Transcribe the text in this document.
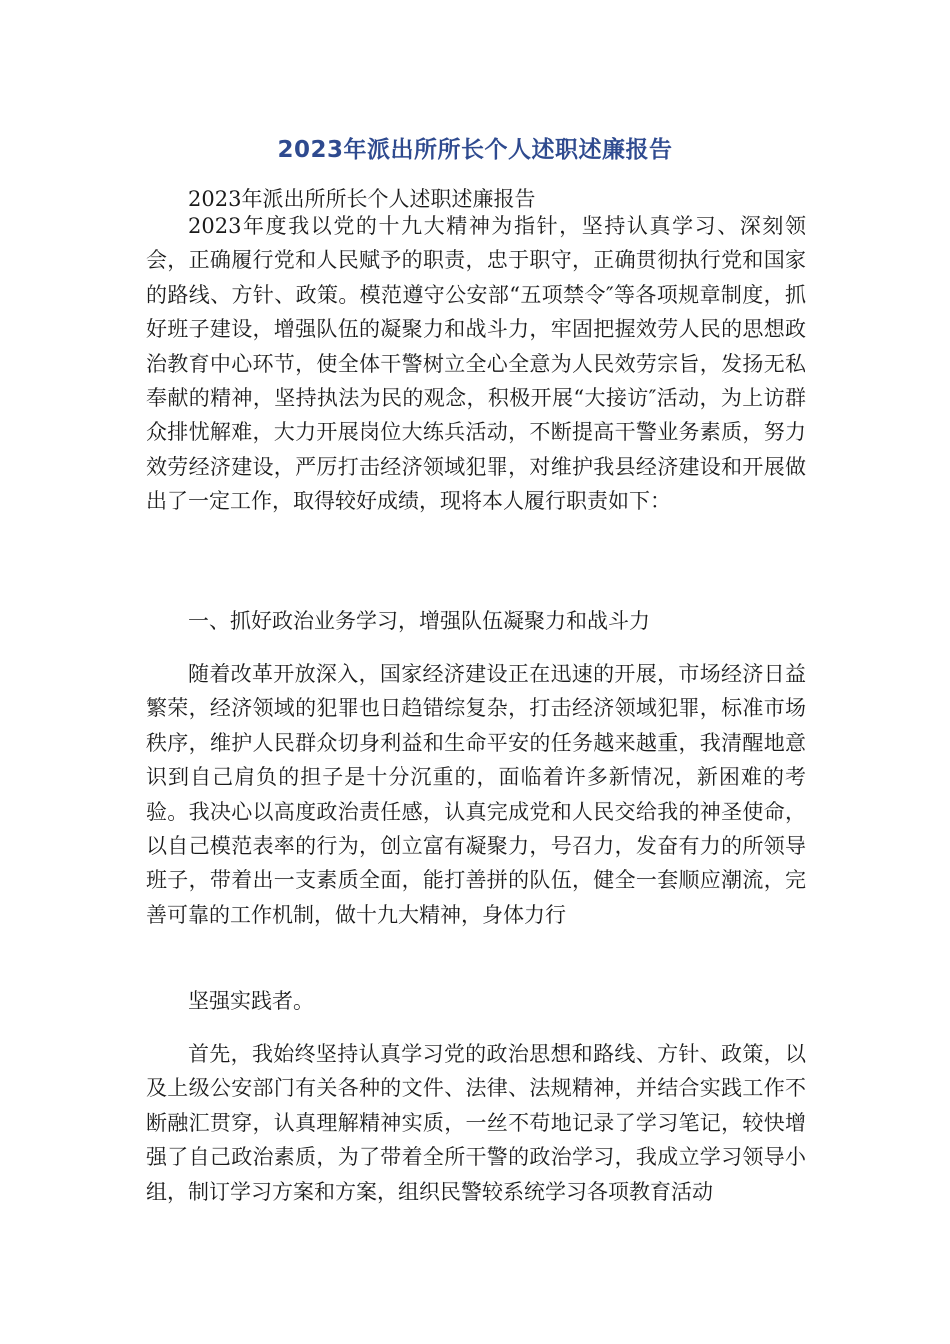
2023年派出所所长个人述职述廉报告

2023年派出所所长个人述职述廉报告

2023年度我以党的十九大精神为指针，坚持认真学习、深刻领会，正确履行党和人民赋予的职责，忠于职守，正确贯彻执行党和国家的路线、方针、政策。模范遵守公安部“五项禁令″等各项规章制度，抓好班子建设，增强队伍的凝聚力和战斗力，牢固把握效劳人民的思想政治教育中心环节，使全体干警树立全心全意为人民效劳宗旨，发扬无私奉献的精神，坚持执法为民的观念，积极开展“大接访″活动，为上访群众排忧解难，大力开展岗位大练兵活动，不断提高干警业务素质，努力效劳经济建设，严厉打击经济领域犯罪，对维护我县经济建设和开展做出了一定工作，取得较好成绩，现将本人履行职责如下：

一、抓好政治业务学习，增强队伍凝聚力和战斗力

随着改革开放深入，国家经济建设正在迅速的开展，市场经济日益繁荣，经济领域的犯罪也日趋错综复杂，打击经济领域犯罪，标准市场秩序，维护人民群众切身利益和生命平安的任务越来越重，我清醒地意识到自己肩负的担子是十分沉重的，面临着许多新情况，新困难的考验。我决心以高度政治责任感，认真完成党和人民交给我的神圣使命，以自己模范表率的行为，创立富有凝聚力，号召力，发奋有力的所领导班子，带着出一支素质全面，能打善拼的队伍，健全一套顺应潮流，完善可靠的工作机制，做十九大精神，身体力行

坚强实践者。

首先，我始终坚持认真学习党的政治思想和路线、方针、政策，以及上级公安部门有关各种的文件、法律、法规精神，并结合实践工作不断融汇贯穿，认真理解精神实质，一丝不苟地记录了学习笔记，较快增强了自己政治素质，为了带着全所干警的政治学习，我成立学习领导小组，制订学习方案和方案，组织民警较系统学习各项教育活动
